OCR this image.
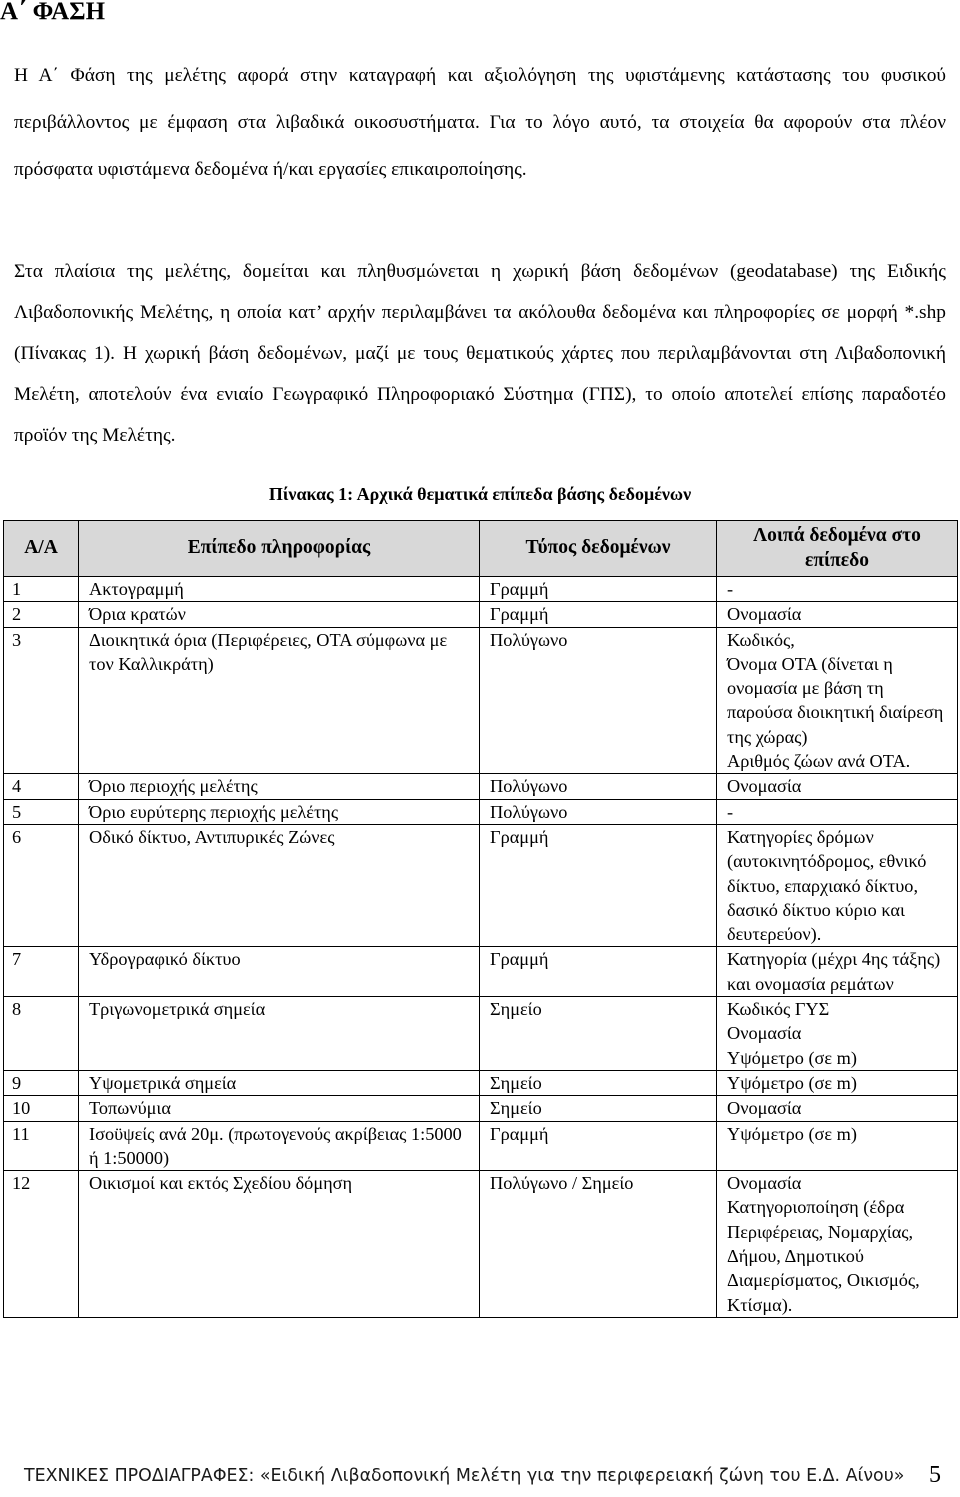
Α΄ ΦΑΣΗ

Η Α΄ Φάση της μελέτης αφορά στην καταγραφή και αξιολόγηση της υφιστάμενης κατάστασης του φυσικού περιβάλλοντος με έμφαση στα λιβαδικά οικοσυστήματα. Για το λόγο αυτό, τα στοιχεία θα αφορούν στα πλέον πρόσφατα υφιστάμενα δεδομένα ή/και εργασίες επικαιροποίησης.

Στα πλαίσια της μελέτης, δομείται και πληθυσμώνεται η χωρική βάση δεδομένων (geodatabase) της Ειδικής Λιβαδοπονικής Μελέτης, η οποία κατ’ αρχήν περιλαμβάνει τα ακόλουθα δεδομένα και πληροφορίες σε μορφή *.shp (Πίνακας 1). Η χωρική βάση δεδομένων, μαζί με τους θεματικούς χάρτες που περιλαμβάνονται στη Λιβαδοπονική Μελέτη, αποτελούν ένα ενιαίο Γεωγραφικό Πληροφοριακό Σύστημα (ΓΠΣ), το οποίο αποτελεί επίσης παραδοτέο προϊόν της Μελέτης.

Πίνακας 1: Αρχικά θεματικά επίπεδα βάσης δεδομένων

Α/Α	Επίπεδο πληροφορίας	Τύπος δεδομένων	Λοιπά δεδομένα στο επίπεδο
1	Ακτογραμμή	Γραμμή	-
2	Όρια κρατών	Γραμμή	Ονομασία
3	Διοικητικά όρια (Περιφέρειες, ΟΤΑ σύμφωνα με τον Καλλικράτη)	Πολύγωνο	Κωδικός,
Όνομα ΟΤΑ (δίνεται η ονομασία με βάση τη παρούσα διοικητική διαίρεση της χώρας)
Αριθμός ζώων ανά ΟΤΑ.
4	Όριο περιοχής μελέτης	Πολύγωνο	Ονομασία
5	Όριο ευρύτερης περιοχής μελέτης	Πολύγωνο	-
6	Οδικό δίκτυο, Αντιπυρικές Ζώνες	Γραμμή	Κατηγορίες δρόμων (αυτοκινητόδρομος, εθνικό δίκτυο, επαρχιακό δίκτυο, δασικό δίκτυο κύριο και δευτερεύον).
7	Υδρογραφικό δίκτυο	Γραμμή	Κατηγορία (μέχρι 4ης τάξης) και ονομασία ρεμάτων
8	Τριγωνομετρικά σημεία	Σημείο	Κωδικός ΓΥΣ
Ονομασία
Υψόμετρο (σε m)
9	Υψομετρικά σημεία	Σημείο	Υψόμετρο (σε m)
10	Τοπωνύμια	Σημείο	Ονομασία
11	Ισοϋψείς ανά 20μ. (πρωτογενούς ακρίβειας 1:5000 ή 1:50000)	Γραμμή	Υψόμετρο (σε m)
12	Οικισμοί και εκτός Σχεδίου δόμηση	Πολύγωνο / Σημείο	Ονομασία
Κατηγοριοποίηση (έδρα Περιφέρειας, Νομαρχίας, Δήμου, Δημοτικού Διαμερίσματος, Οικισμός, Κτίσμα).
ΤΕΧΝΙΚΕΣ ΠΡΟΔΙΑΓΡΑΦΕΣ: «Ειδική Λιβαδοπονική Μελέτη για την περιφερειακή ζώνη του Ε.Δ. Αίνου» 5
